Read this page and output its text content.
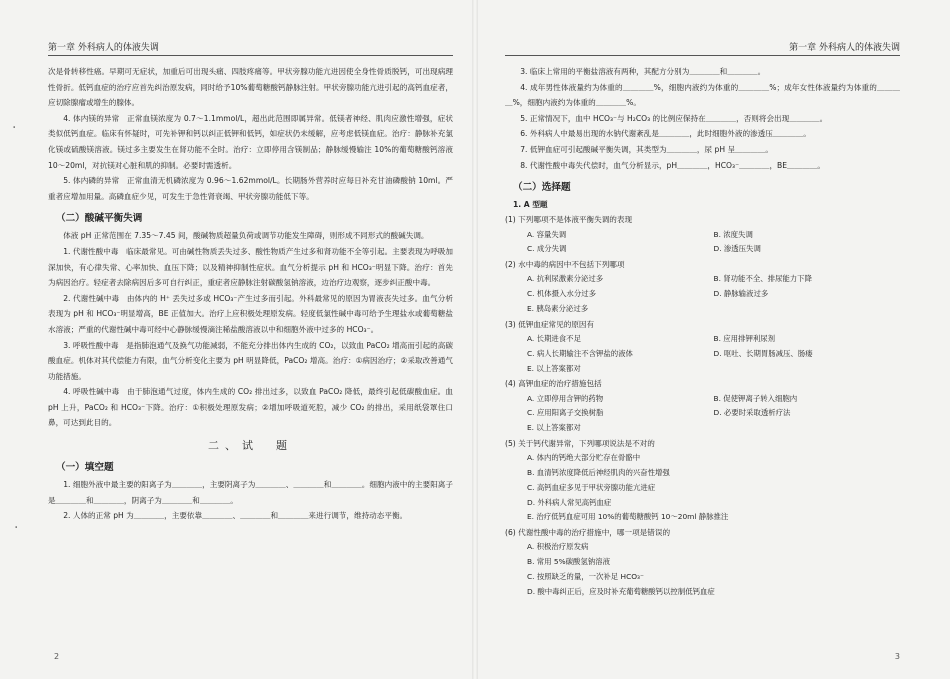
第一章 外科病人的体液失调

次是骨转移性癌。早期可无症状，加重后可出现头痛、四肢疼痛等。甲状旁腺功能亢进因使全身性骨质脱钙，可出现病理性骨折。低钙血症的治疗应首先纠治原发病，同时给予10%葡萄糖酸钙静脉注射。甲状旁腺功能亢进引起的高钙血症者，应切除腺瘤或增生的腺体。

4. 体内镁的异常　正常血镁浓度为 0.7～1.1mmol/L，超出此范围即属异常。低镁者神经、肌肉应激性增强，症状类似低钙血症。临床有怀疑时，可先补钾和钙以纠正低钾和低钙，如症状仍未缓解，应考虑低镁血症。治疗：静脉补充氯化镁或硫酸镁溶液。镁过多主要发生在肾功能不全时。治疗：立即停用含镁制品；静脉缓慢输注 10%的葡萄糖酸钙溶液 10～20ml，对抗镁对心脏和肌的抑制。必要时需透析。

5. 体内磷的异常　正常血清无机磷浓度为 0.96～1.62mmol/L。长期肠外营养时应每日补充甘油磷酸钠 10ml。严重者应增加用量。高磷血症少见，可发生于急性肾衰竭、甲状旁腺功能低下等。

（二）酸碱平衡失调

体液 pH 正常范围在 7.35～7.45 间，酸碱物质超量负荷或调节功能发生障碍，则形成不同形式的酸碱失调。

1. 代谢性酸中毒　临床最常见。可由碱性物质丢失过多、酸性物质产生过多和肾功能不全等引起。主要表现为呼吸加深加快，有心律失常、心率加快、血压下降；以及精神抑制性症状。血气分析提示 pH 和 HCO₃⁻明显下降。治疗：首先为病因治疗。轻症者去除病因后多可自行纠正，重症者应静脉注射碳酸氢钠溶液，边治疗边观察，逐步纠正酸中毒。

2. 代谢性碱中毒　由体内的 H⁺ 丢失过多或 HCO₃⁻产生过多而引起。外科最常见的原因为胃液丧失过多。血气分析表现为 pH 和 HCO₃⁻明显增高，BE 正值加大。治疗上应积极处理原发病。轻度低氯性碱中毒可给予生理盐水或葡萄糖盐水溶液；严重的代谢性碱中毒可经中心静脉缓慢滴注稀盐酸溶液以中和细胞外液中过多的 HCO₃⁻。

3. 呼吸性酸中毒　是指肺泡通气及换气功能减弱，不能充分排出体内生成的 CO₂，以致血 PaCO₂ 增高而引起的高碳酸血症。机体对其代偿能力有限，血气分析变化主要为 pH 明显降低，PaCO₂ 增高。治疗：①病因治疗；②采取改善通气功能措施。

4. 呼吸性碱中毒　由于肺泡通气过度，体内生成的 CO₂ 排出过多，以致血 PaCO₂ 降低，最终引起低碳酸血症。血 pH 上升，PaCO₂ 和 HCO₃⁻下降。治疗：①积极处理原发病；②增加呼吸道死腔，减少 CO₂ 的排出，采用纸袋罩住口鼻，可达到此目的。

二、试　题
（一）填空题

1. 细胞外液中最主要的阳离子为＿＿＿＿，主要阴离子为＿＿＿＿、＿＿＿＿和＿＿＿＿。细胞内液中的主要阳离子是＿＿＿＿和＿＿＿＿，阴离子为＿＿＿＿和＿＿＿＿。

2. 人体的正常 pH 为＿＿＿＿，主要依靠＿＿＿＿、＿＿＿＿和＿＿＿＿来进行调节，维持动态平衡。

2
第一章 外科病人的体液失调

3. 临床上常用的平衡盐溶液有两种，其配方分别为＿＿＿＿和＿＿＿＿。

4. 成年男性体液量约为体重的＿＿＿＿%，细胞内液约为体重的＿＿＿＿%；成年女性体液量约为体重的＿＿＿＿%，细胞内液约为体重的＿＿＿＿%。

5. 正常情况下，血中 HCO₃⁻与 H₂CO₃ 的比例应保持在＿＿＿＿，否则将会出现＿＿＿＿。

6. 外科病人中最易出现的水钠代谢紊乱是＿＿＿＿，此时细胞外液的渗透压＿＿＿＿。

7. 低钾血症可引起酸碱平衡失调，其类型为＿＿＿＿，尿 pH 呈＿＿＿＿。

8. 代谢性酸中毒失代偿时，血气分析显示，pH＿＿＿＿，HCO₃⁻＿＿＿＿，BE＿＿＿＿。

（二）选择题
1. A 型题
(1) 下列哪项不是体液平衡失调的表现
A. 容量失调	B. 浓度失调
C. 成分失调	D. 渗透压失调
(2) 水中毒的病因中不包括下列哪项
A. 抗利尿激素分泌过多	B. 肾功能不全、排尿能力下降
C. 机体摄入水分过多	D. 静脉输液过多
E. 胰岛素分泌过多
(3) 低钾血症常见的原因有
A. 长期进食不足	B. 应用排钾利尿剂
C. 病人长期输注不含钾盐的液体	D. 呕吐、长期胃肠减压、肠瘘
E. 以上答案都对
(4) 高钾血症的治疗措施包括
A. 立即停用含钾的药物	B. 促使钾离子转入细胞内
C. 应用阳离子交换树脂	D. 必要时采取透析疗法
E. 以上答案都对
(5) 关于钙代谢异常，下列哪项说法是不对的
A. 体内的钙绝大部分贮存在骨骼中
B. 血清钙浓度降低后神经肌肉的兴奋性增强
C. 高钙血症多见于甲状旁腺功能亢进症
D. 外科病人常见高钙血症
E. 治疗低钙血症可用 10%的葡萄糖酸钙 10～20ml 静脉推注
(6) 代谢性酸中毒的治疗措施中，哪一项是错误的
A. 积极治疗原发病
B. 常用 5%碳酸氢钠溶液
C. 按照缺乏的量，一次补足 HCO₃⁻
D. 酸中毒纠正后，应及时补充葡萄糖酸钙以控制低钙血症
3
·
·
